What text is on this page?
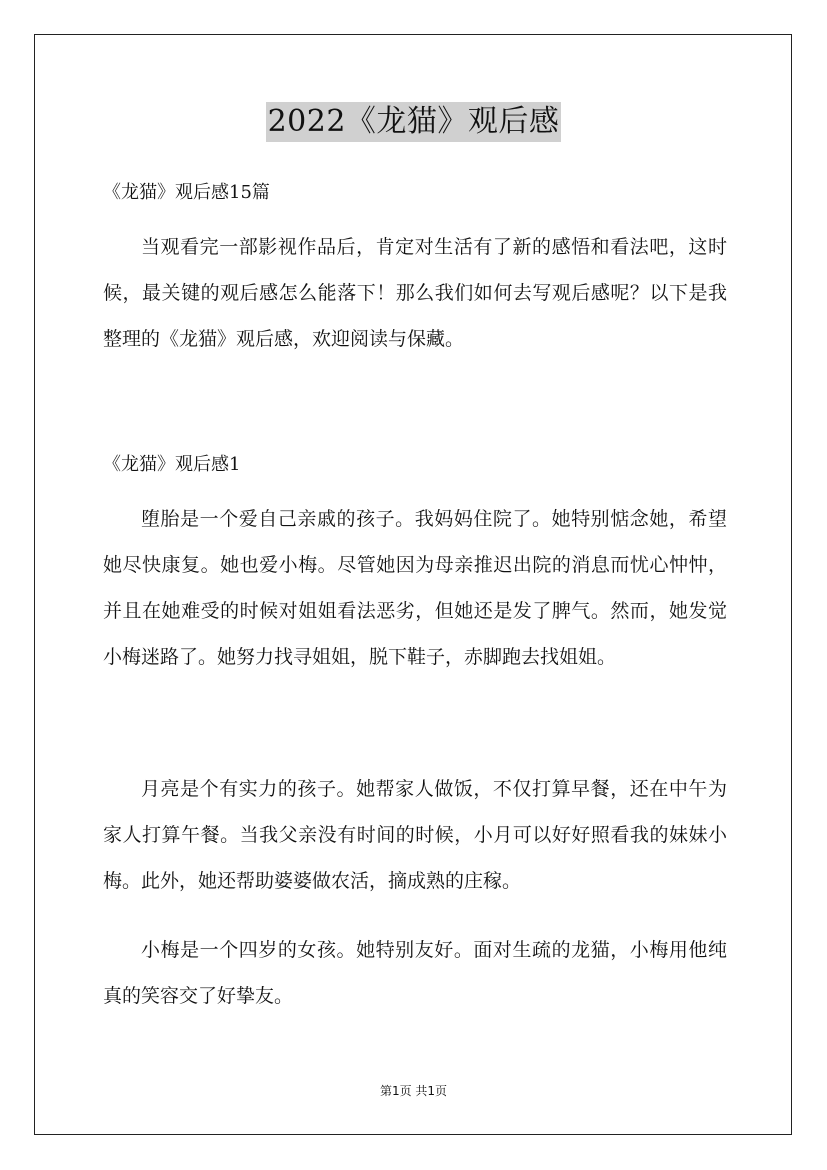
2022《龙猫》观后感

《龙猫》观后感15篇

当观看完一部影视作品后，肯定对生活有了新的感悟和看法吧，这时候，最关键的观后感怎么能落下！那么我们如何去写观后感呢？以下是我整理的《龙猫》观后感，欢迎阅读与保藏。

《龙猫》观后感1

堕胎是一个爱自己亲戚的孩子。我妈妈住院了。她特别惦念她，希望她尽快康复。她也爱小梅。尽管她因为母亲推迟出院的消息而忧心忡忡，并且在她难受的时候对姐姐看法恶劣，但她还是发了脾气。然而，她发觉小梅迷路了。她努力找寻姐姐，脱下鞋子，赤脚跑去找姐姐。

月亮是个有实力的孩子。她帮家人做饭，不仅打算早餐，还在中午为家人打算午餐。当我父亲没有时间的时候，小月可以好好照看我的妹妹小梅。此外，她还帮助婆婆做农活，摘成熟的庄稼。

小梅是一个四岁的女孩。她特别友好。面对生疏的龙猫，小梅用他纯真的笑容交了好挚友。

第1页 共1页
